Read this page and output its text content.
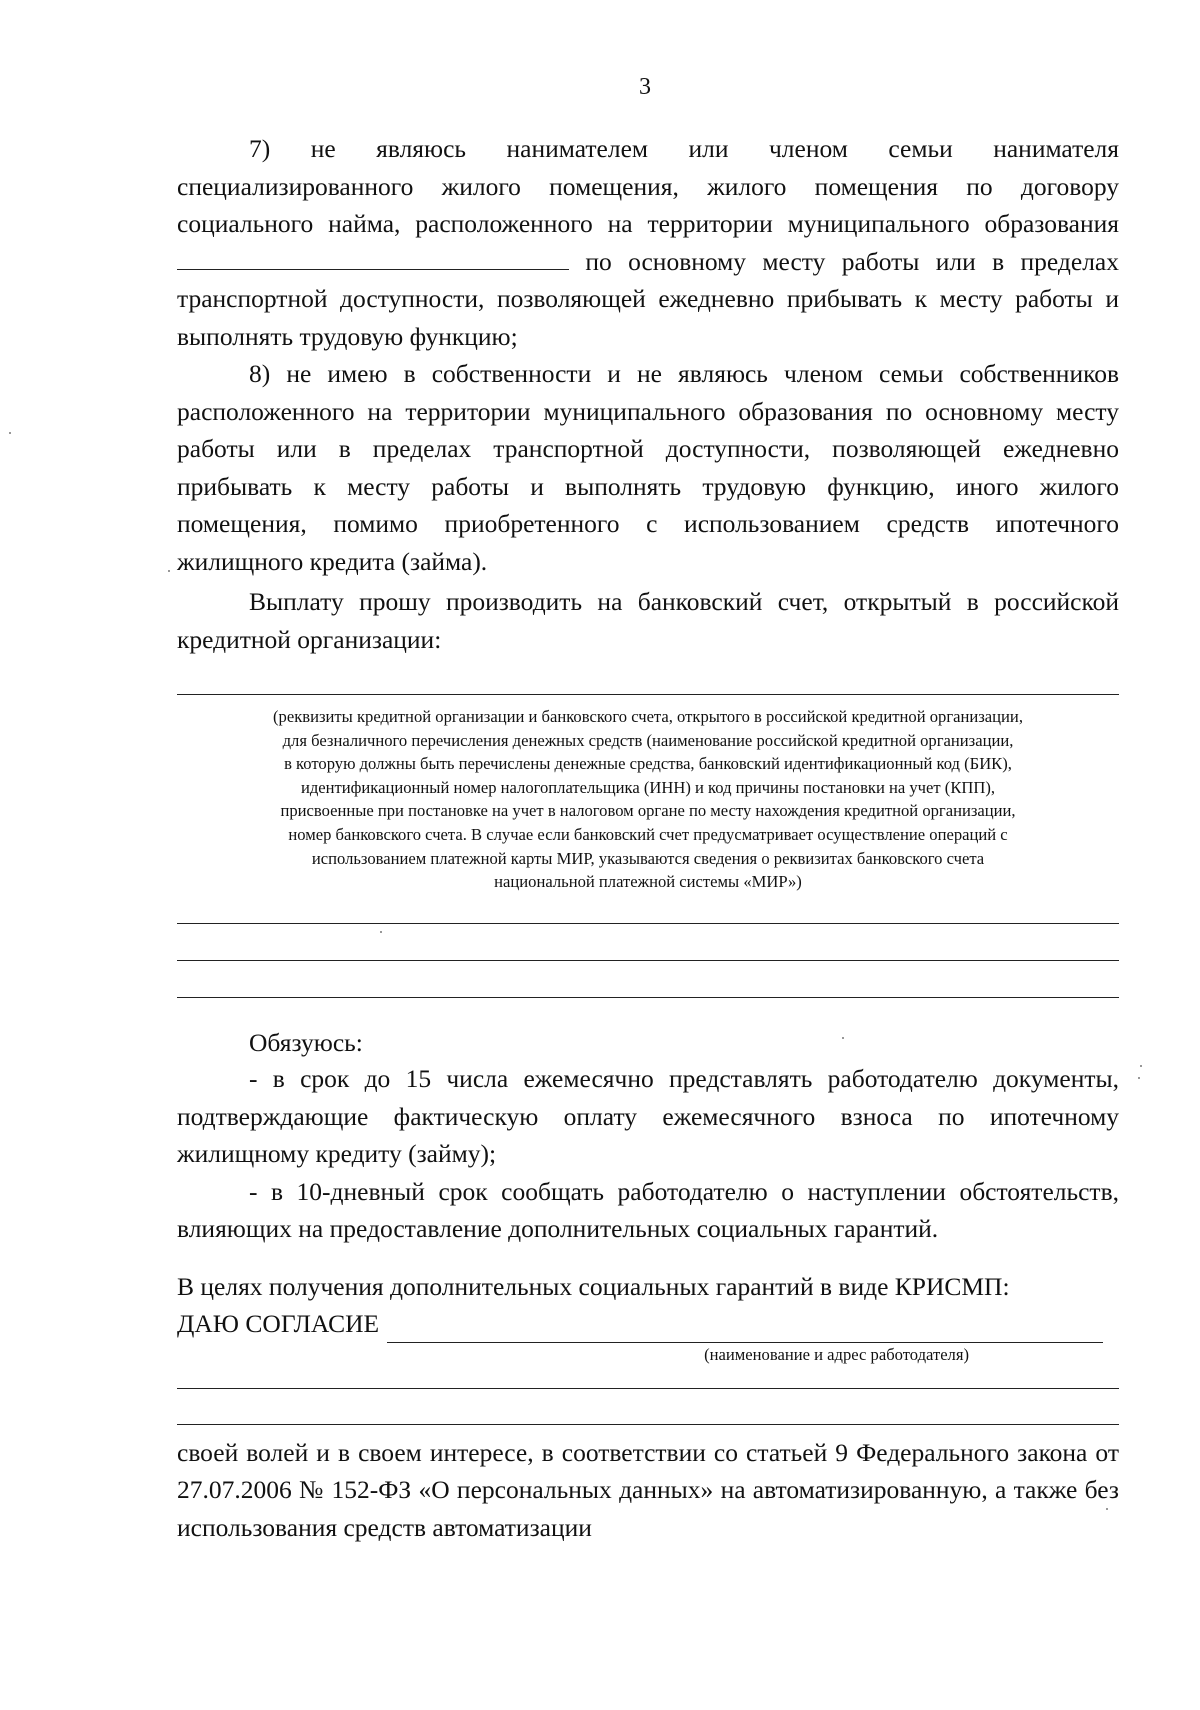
3

7) не являюсь нанимателем или членом семьи нанимателя специализированного жилого помещения, жилого помещения по договору социального найма, расположенного на территории муниципального образования  по основному месту работы или в пределах транспортной доступности, позволяющей ежедневно прибывать к месту работы и выполнять трудовую функцию;

8) не имею в собственности и не являюсь членом семьи собственников расположенного на территории муниципального образования по основному месту работы или в пределах транспортной доступности, позволяющей ежедневно прибывать к месту работы и выполнять трудовую функцию, иного жилого помещения, помимо приобретенного с использованием средств ипотечного жилищного кредита (займа).

Выплату прошу производить на банковский счет, открытый в российской кредитной организации:

(реквизиты кредитной организации и банковского счета, открытого в российской кредитной организации,
для безналичного перечисления денежных средств (наименование российской кредитной организации,
в которую должны быть перечислены денежные средства, банковский идентификационный код (БИК),
идентификационный номер налогоплательщика (ИНН) и код причины постановки на учет (КПП),
присвоенные при постановке на учет в налоговом органе по месту нахождения кредитной организации,
номер банковского счета. В случае если банковский счет предусматривает осуществление операций с
использованием платежной карты МИР, указываются сведения о реквизитах банковского счета
национальной платежной системы «МИР»)

Обязуюсь:

- в срок до 15 числа ежемесячно представлять работодателю документы, подтверждающие фактическую оплату ежемесячного взноса по ипотечному жилищному кредиту (займу);

- в 10-дневный срок сообщать работодателю о наступлении обстоятельств, влияющих на предоставление дополнительных социальных гарантий.

В целях получения дополнительных социальных гарантий в виде КРИСМП:

ДАЮ СОГЛАСИЕ
(наименование и адрес работодателя)

своей волей и в своем интересе, в соответствии со статьей 9 Федерального закона от 27.07.2006 № 152-ФЗ «О персональных данных» на автоматизированную, а также без использования средств автоматизации
